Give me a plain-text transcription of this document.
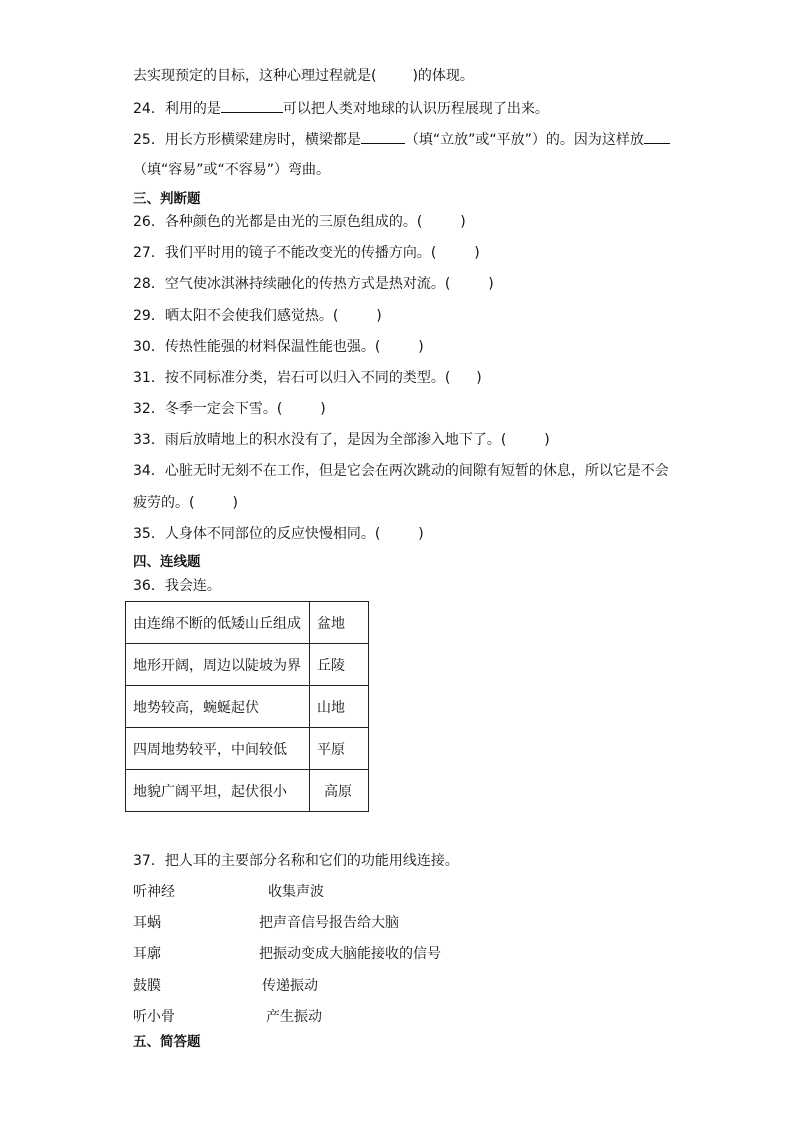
去实现预定的目标，这种心理过程就是(	)的体现。
24．利用的是	可以把人类对地球的认识历程展现了出来。
25．用长方形横梁建房时，横梁都是	（填“立放”或“平放”）的。因为这样放
（填“容易”或“不容易”）弯曲。
三、判断题
26．各种颜色的光都是由光的三原色组成的。(	)
27．我们平时用的镜子不能改变光的传播方向。(	)
28．空气使冰淇淋持续融化的传热方式是热对流。(	)
29．晒太阳不会使我们感觉热。(	)
30．传热性能强的材料保温性能也强。(	)
31．按不同标准分类，岩石可以归入不同的类型。( )
32．冬季一定会下雪。(	)
33．雨后放晴地上的积水没有了，是因为全部渗入地下了。(	)
34．心脏无时无刻不在工作，但是它会在两次跳动的间隙有短暂的休息，所以它是不会
疲劳的。(	)
35．人身体不同部位的反应快慢相同。(	)
四、连线题
36．我会连。
由连绵不断的低矮山丘组成	盆地
地形开阔，周边以陡坡为界	丘陵
地势较高，蜿蜒起伏	山地
四周地势较平，中间较低	平原
地貌广阔平坦，起伏很小	高原
37．把人耳的主要部分名称和它们的功能用线连接。
听神经	收集声波
耳蜗	把声音信号报告给大脑
耳廓	把振动变成大脑能接收的信号
鼓膜	传递振动
听小骨	产生振动
五、简答题
